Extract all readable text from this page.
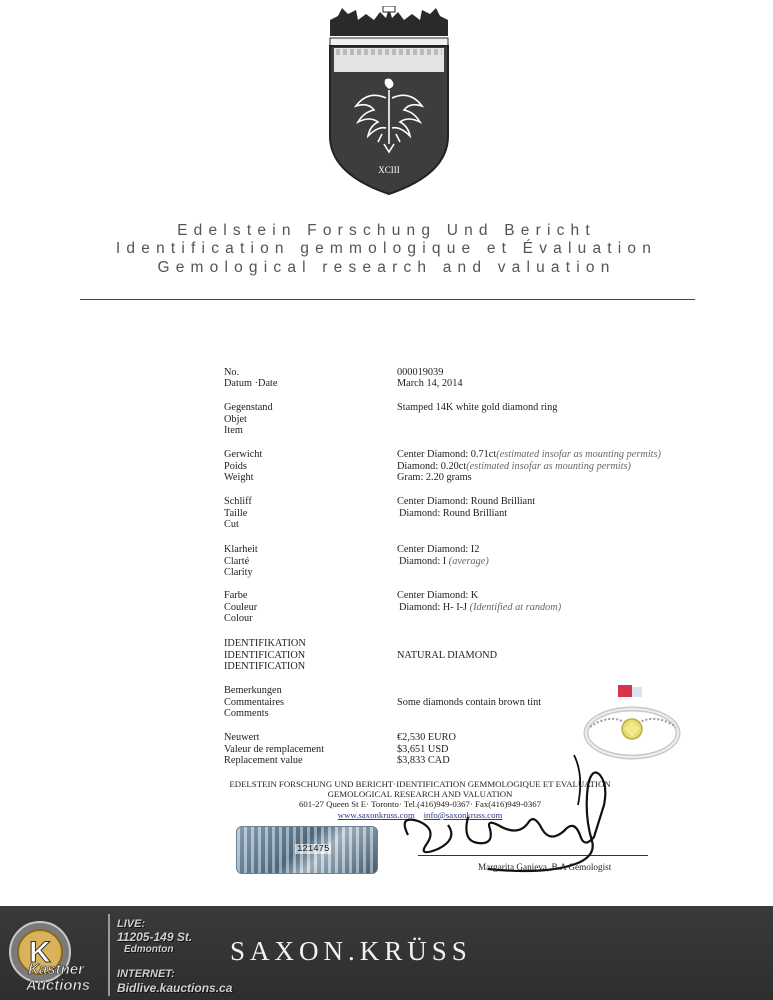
XCIII
Edelstein Forschung Und Bericht
Identification gemmologique et Évaluation
Gemological research and valuation
No.	000019039
Datum ·Date	March 14, 2014
Gegenstand
Objet
Item
Stamped 14K white gold diamond ring
Gerwicht
Poids
Weight
Center Diamond: 0.71ct(estimated insofar as mounting permits)
Diamond: 0.20ct(estimated insofar as mounting permits)
Gram: 2.20 grams
Schliff
Taille
Cut
Center Diamond: Round Brilliant
Diamond: Round Brilliant
Klarheit
Clarté
Clarity
Center Diamond: I2
Diamond: I (average)
Farbe
Couleur
Colour
Center Diamond: K
Diamond: H- I-J (Identified at random)
IDENTIFIKATION
IDENTIFICATION
IDENTIFICATION
NATURAL DIAMOND
Bemerkungen
Commentaires
Comments
Some diamonds contain brown tint
Neuwert
Valeur de remplacement
Replacement value
€2,530 EURO
$3,651 USD
$3,833 CAD
EDELSTEIN FORSCHUNG UND BERICHT·IDENTIFICATION GEMMOLOGIQUE ET EVALUATION
GEMOLOGICAL RESEARCH AND VALUATION
601-27 Queen St E· Toronto· Tel.(416)949-0367· Fax(416)949-0367
www.saxonkruss.com info@saxonkruss.com
121475
Margarita Ganieva, B.A Gemologist
SAXON.KRÜSS
K
Kastner
Auctions
LIVE:
11205-149 St.
Edmonton
INTERNET:
Bidlive.kauctions.ca
